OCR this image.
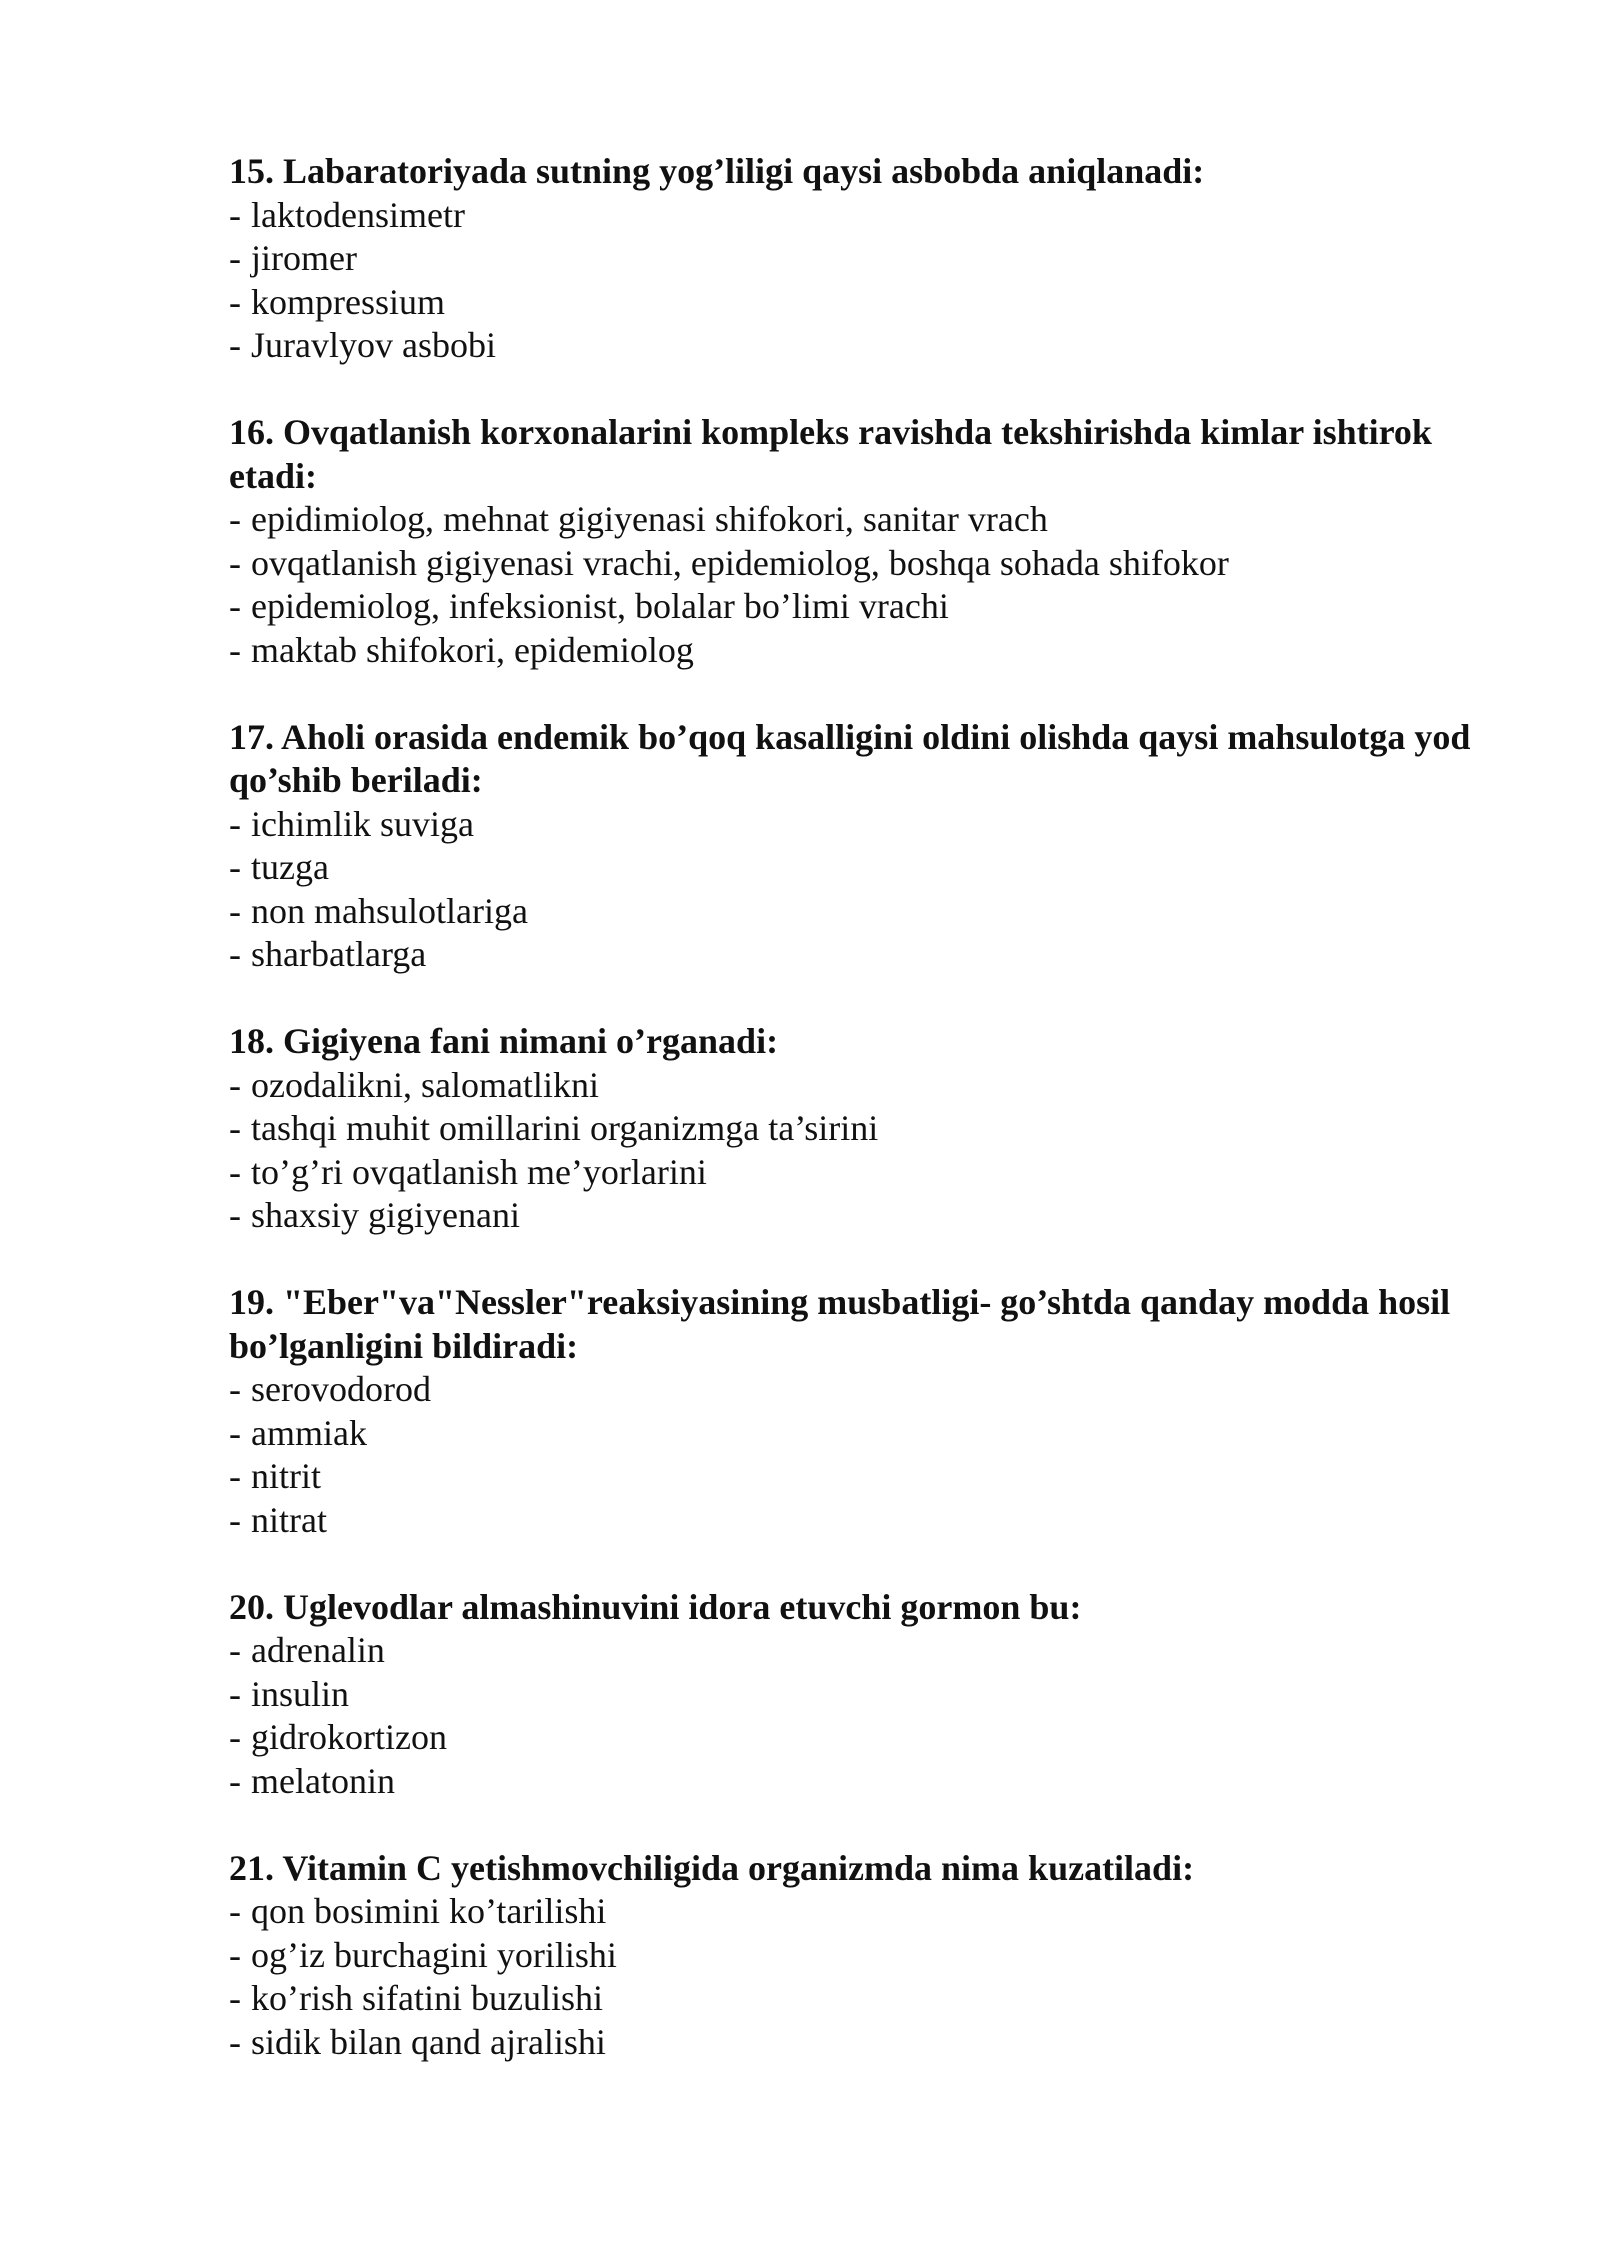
15. Labaratoriyada sutning yog’liligi qaysi asbobda aniqlanadi:

- laktodensimetr

- jiromer

- kompressium

- Juravlyov asbobi

16. Ovqatlanish korxonalarini kompleks ravishda tekshirishda kimlar ishtirok etadi:

- epidimiolog, mehnat gigiyenasi shifokori, sanitar vrach

- ovqatlanish gigiyenasi vrachi, epidemiolog, boshqa sohada shifokor

- epidemiolog, infeksionist, bolalar bo’limi vrachi

- maktab shifokori, epidemiolog

17. Aholi orasida endemik bo’qoq kasalligini oldini olishda qaysi mahsulotga yod qo’shib beriladi:

- ichimlik suviga

- tuzga

- non mahsulotlariga

- sharbatlarga

18. Gigiyena fani nimani o’rganadi:

- ozodalikni, salomatlikni

- tashqi muhit omillarini organizmga ta’sirini

- to’g’ri ovqatlanish me’yorlarini

- shaxsiy gigiyenani

19. "Eber"va"Nessler"reaksiyasining musbatligi- go’shtda qanday modda hosil bo’lganligini bildiradi:

- serovodorod

- ammiak

- nitrit

- nitrat

20. Uglevodlar almashinuvini idora etuvchi gormon bu:

- adrenalin

- insulin

- gidrokortizon

- melatonin

21. Vitamin C yetishmovchiligida organizmda nima kuzatiladi:

- qon bosimini ko’tarilishi

- og’iz burchagini yorilishi

- ko’rish sifatini buzulishi

- sidik bilan qand ajralishi
